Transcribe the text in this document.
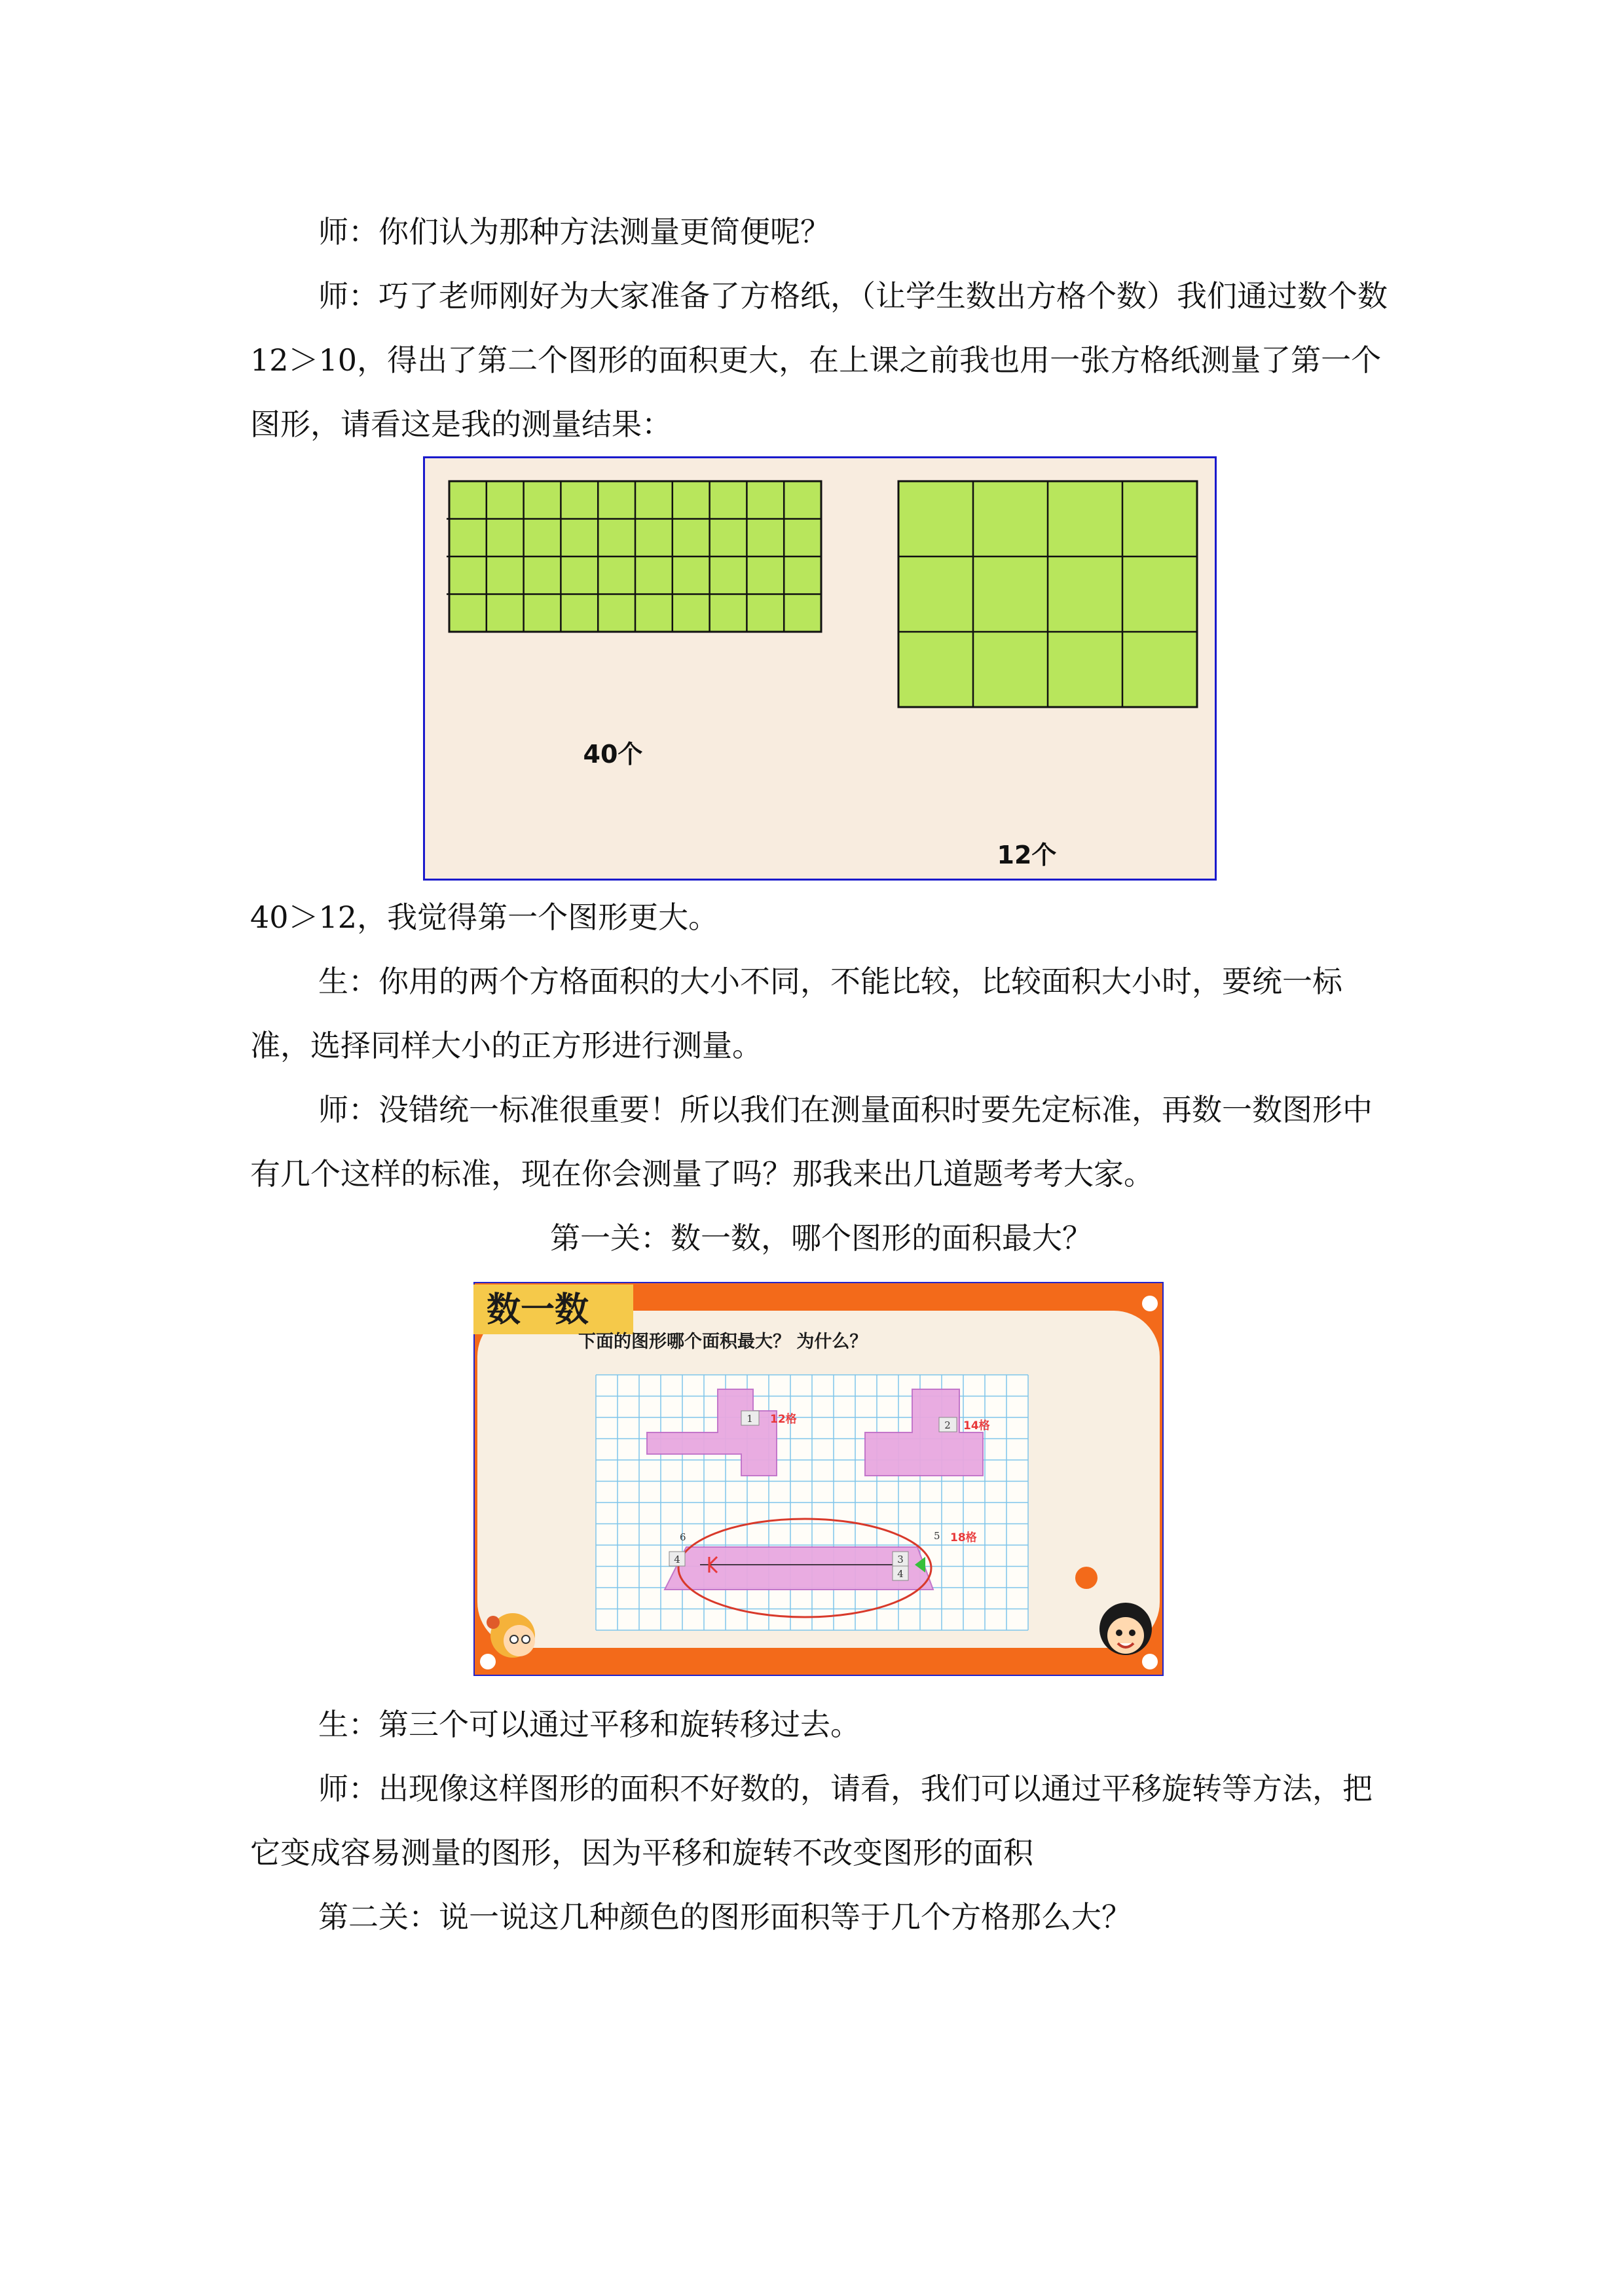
师：你们认为那种方法测量更简便呢？

师：巧了老师刚好为大家准备了方格纸，（让学生数出方格个数）我们通过数个数 12＞10，得出了第二个图形的面积更大，在上课之前我也用一张方格纸测量了第一个图形，请看这是我的测量结果：

40个
12个

40＞12，我觉得第一个图形更大。

生：你用的两个方格面积的大小不同，不能比较，比较面积大小时，要统一标准，选择同样大小的正方形进行测量。

师：没错统一标准很重要！所以我们在测量面积时要先定标准，再数一数图形中有几个这样的标准，现在你会测量了吗？那我来出几道题考考大家。

第一关：数一数，哪个图形的面积最大？

数一数
下面的图形哪个面积最大？ 为什么？
1 12格	2 14格
4	3
4
6	5 18格

生：第三个可以通过平移和旋转移过去。

师：出现像这样图形的面积不好数的，请看，我们可以通过平移旋转等方法，把它变成容易测量的图形，因为平移和旋转不改变图形的面积

第二关：说一说这几种颜色的图形面积等于几个方格那么大？
